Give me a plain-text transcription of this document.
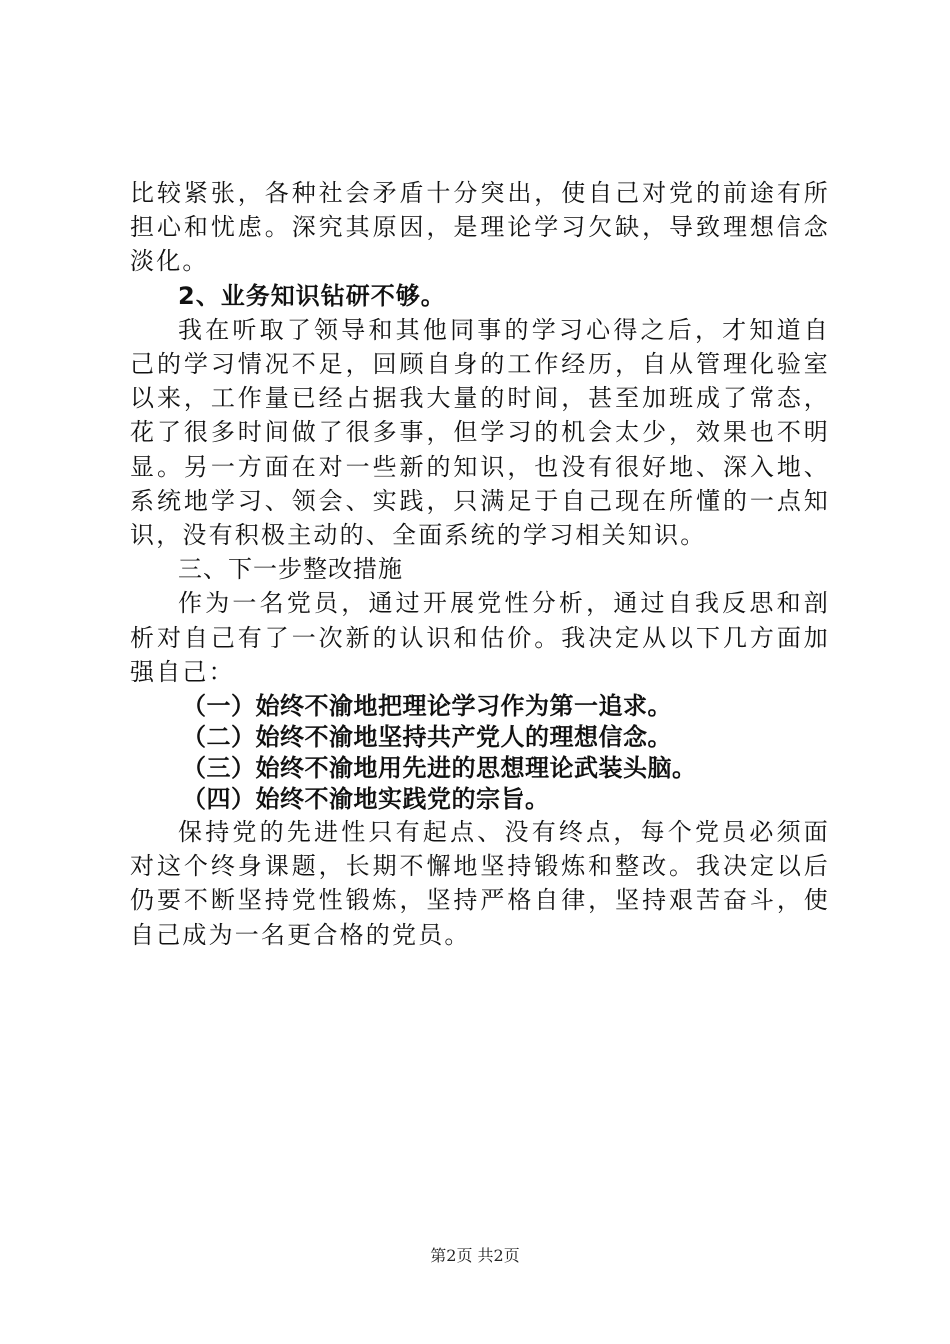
比较紧张，各种社会矛盾十分突出，使自己对党的前途有所担心和忧虑。深究其原因，是理论学习欠缺，导致理想信念淡化。

2、业务知识钻研不够。

我在听取了领导和其他同事的学习心得之后，才知道自己的学习情况不足，回顾自身的工作经历，自从管理化验室以来，工作量已经占据我大量的时间，甚至加班成了常态，花了很多时间做了很多事，但学习的机会太少，效果也不明显。另一方面在对一些新的知识，也没有很好地、深入地、系统地学习、领会、实践，只满足于自己现在所懂的一点知识，没有积极主动的、全面系统的学习相关知识。

三、下一步整改措施

作为一名党员，通过开展党性分析，通过自我反思和剖析对自己有了一次新的认识和估价。我决定从以下几方面加强自己：

（一）始终不渝地把理论学习作为第一追求。

（二）始终不渝地坚持共产党人的理想信念。

（三）始终不渝地用先进的思想理论武装头脑。

（四）始终不渝地实践党的宗旨。

保持党的先进性只有起点、没有终点，每个党员必须面对这个终身课题，长期不懈地坚持锻炼和整改。我决定以后仍要不断坚持党性锻炼，坚持严格自律，坚持艰苦奋斗，使自己成为一名更合格的党员。

第2页 共2页
